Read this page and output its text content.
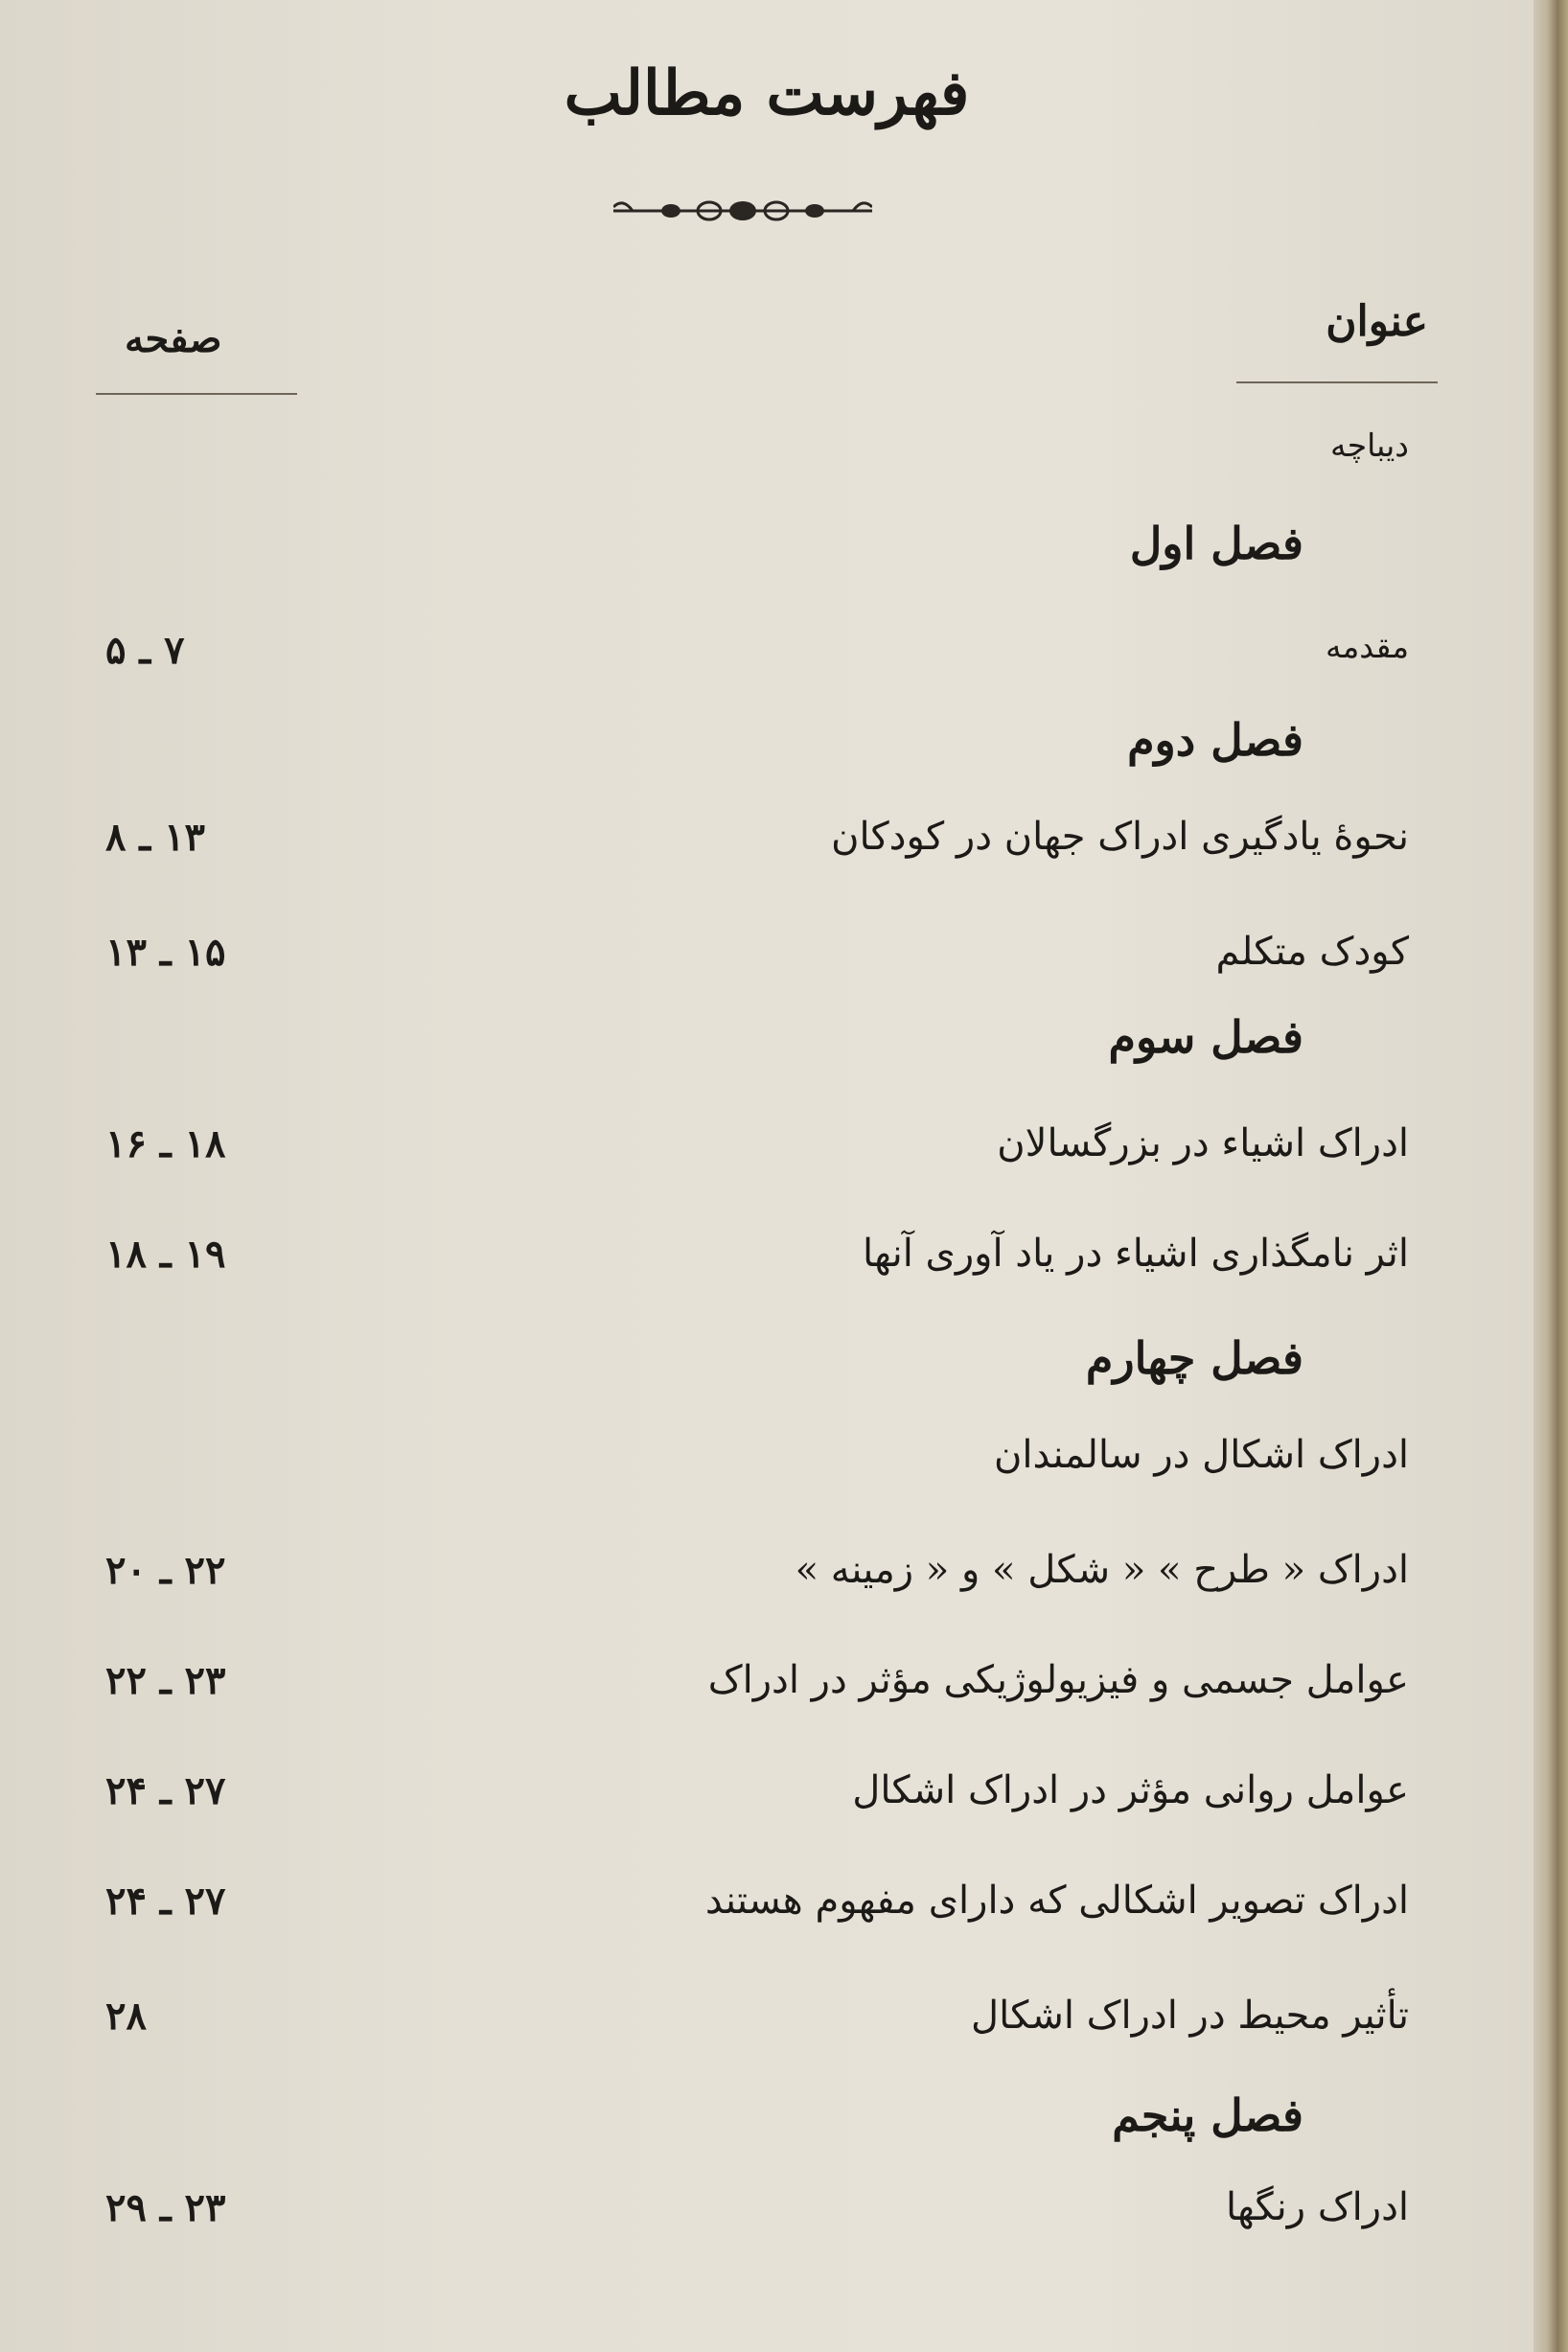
فهرست مطالب
عنوان
صفحه
دیباچه
فصل اول
مقدمه
۷ ـ ۵
فصل دوم
نحوهٔ یادگیری ادراک جهان در کودکان
۱۳ ـ ۸
کودک متکلم
۱۵ ـ ۱۳
فصل سوم
ادراک اشیاء در بزرگسالان
۱۸ ـ ۱۶
اثر نامگذاری اشیاء در یاد آوری آنها
۱۹ ـ ۱۸
فصل چهارم
ادراک اشکال در سالمندان
ادراک « طرح » « شکل » و « زمینه »
۲۲ ـ ۲۰
عوامل جسمی و فیزیولوژیکی مؤثر در ادراک
۲۳ ـ ۲۲
عوامل روانی مؤثر در ادراک اشکال
۲۷ ـ ۲۴
ادراک تصویر اشکالی که دارای مفهوم هستند
۲۷ ـ ۲۴
تأثیر محیط در ادراک اشکال
۲۸
فصل پنجم
ادراک رنگها
۲۳ ـ ۲۹
